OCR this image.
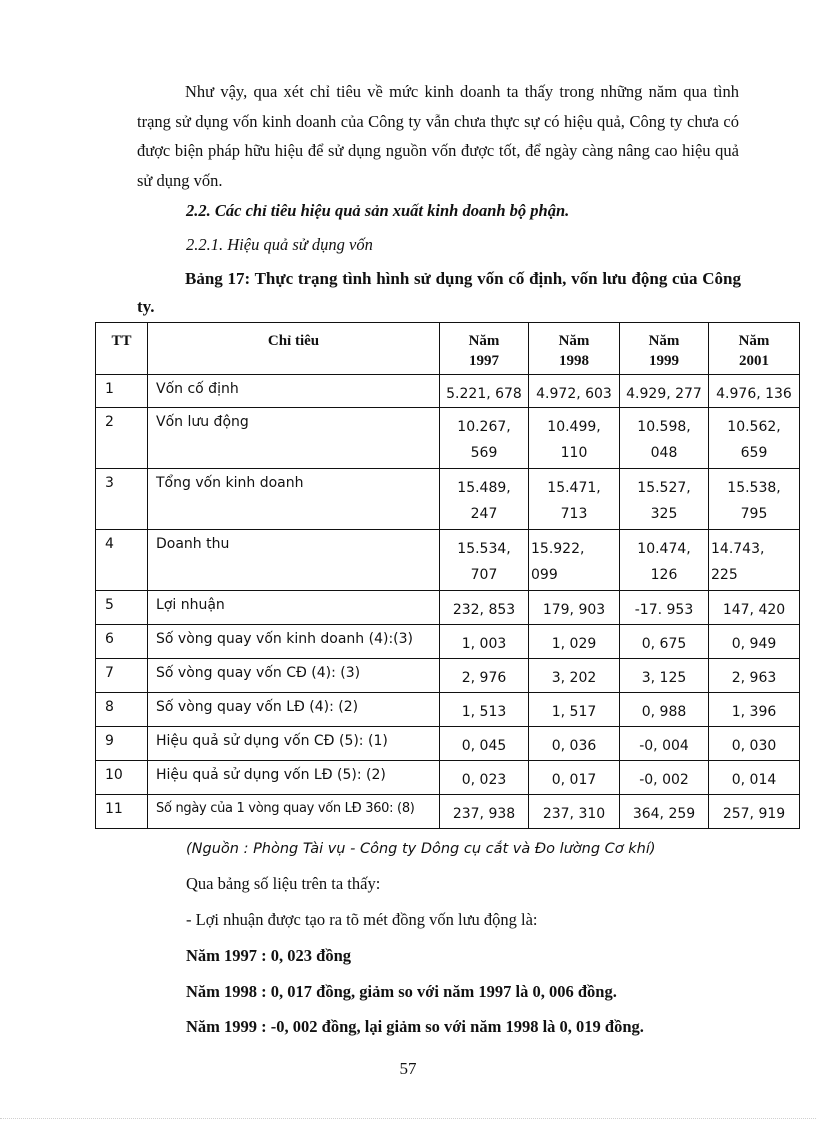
Như vậy, qua xét chỉ tiêu về mức kinh doanh ta thấy trong những năm qua tình trạng sử dụng vốn kinh doanh của Công ty vẫn chưa thực sự có hiệu quả, Công ty chưa có được biện pháp hữu hiệu để sử dụng nguồn vốn được tốt, để ngày càng nâng cao hiệu quả sử dụng vốn.
2.2. Các chỉ tiêu hiệu quả sản xuất kinh doanh bộ phận.
2.2.1. Hiệu quả sử dụng vốn
Bảng 17: Thực trạng tình hình sử dụng vốn cố định, vốn lưu động của Công ty.
TT	Chỉ tiêu	Năm 1997	Năm 1998	Năm 1999	Năm 2001
1	Vốn cố định	5.221, 678	4.972, 603	4.929, 277	4.976, 136
2	Vốn lưu động	10.267, 569	10.499, 110	10.598, 048	10.562, 659
3	Tổng vốn kinh doanh	15.489, 247	15.471, 713	15.527, 325	15.538, 795
4	Doanh thu	15.534, 707	15.922, 099	10.474, 126	14.743, 225
5	Lợi nhuận	232, 853	179, 903	-17. 953	147, 420
6	Số vòng quay vốn kinh doanh (4):(3)	1, 003	1, 029	0, 675	0, 949
7	Số vòng quay vốn CĐ (4): (3)	2, 976	3, 202	3, 125	2, 963
8	Số vòng quay vốn LĐ (4): (2)	1, 513	1, 517	0, 988	1, 396
9	Hiệu quả sử dụng vốn CĐ (5): (1)	0, 045	0, 036	-0, 004	0, 030
10	Hiệu quả sử dụng vốn LĐ (5): (2)	0, 023	0, 017	-0, 002	0, 014
11	Số ngày của 1 vòng quay vốn LĐ 360: (8)	237, 938	237, 310	364, 259	257, 919
(Nguồn : Phòng Tài vụ - Công ty Dông cụ cắt và Đo lường Cơ khí)
Qua bảng số liệu trên ta thấy:
- Lợi nhuận được tạo ra tõ mét đồng vốn lưu động là:
Năm 1997 : 0, 023 đồng
Năm 1998 : 0, 017 đồng, giảm so với năm 1997 là 0, 006 đồng.
Năm 1999 : -0, 002 đồng, lại giảm so với năm 1998 là 0, 019 đồng.
57
